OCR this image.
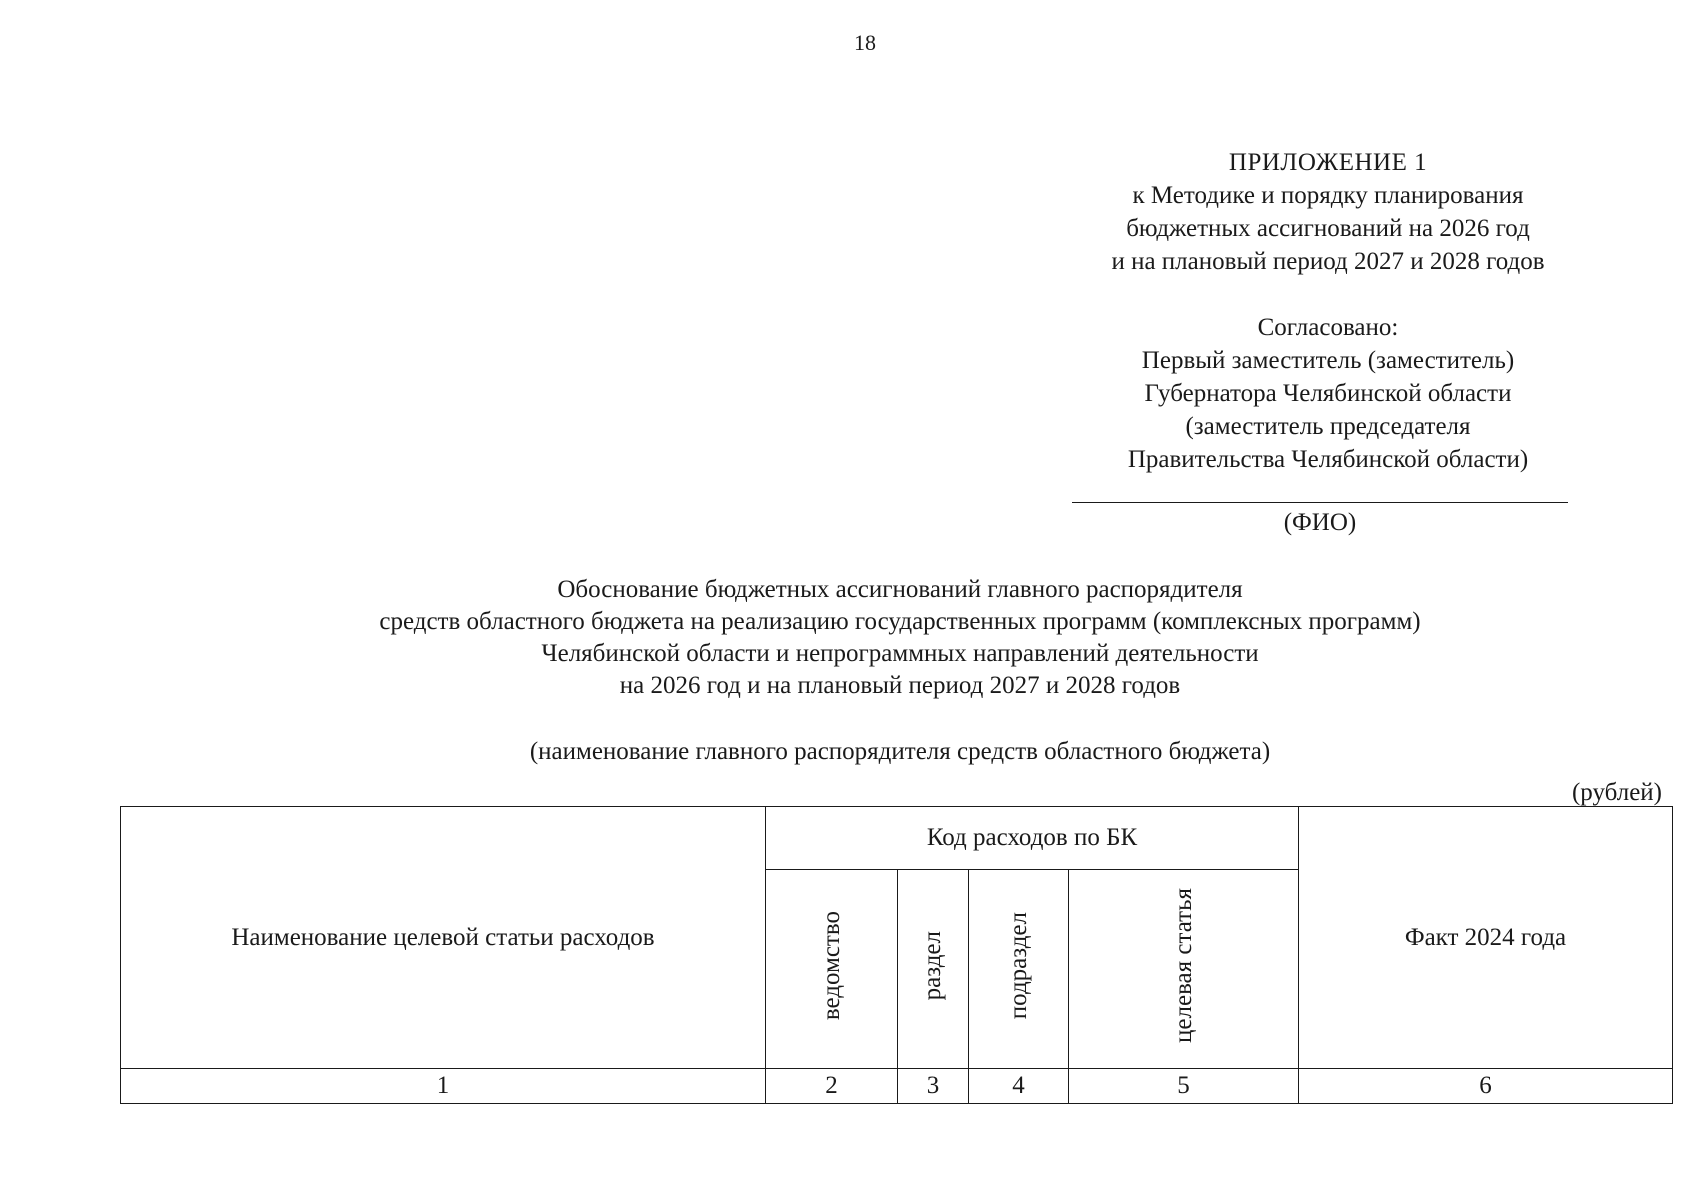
18
ПРИЛОЖЕНИЕ 1
к Методике и порядку планирования
бюджетных ассигнований на 2026 год
и на плановый период 2027 и 2028 годов
Согласовано:
Первый заместитель (заместитель)
Губернатора Челябинской области
(заместитель председателя
Правительства Челябинской области)
(ФИО)
Обоснование бюджетных ассигнований главного распорядителя
средств областного бюджета на реализацию государственных программ (комплексных программ)
Челябинской области и непрограммных направлений деятельности
на 2026 год и на плановый период 2027 и 2028 годов
(наименование главного распорядителя средств областного бюджета)
(рублей)
Наименование целевой статьи расходов	Код расходов по БК				Факт 2024 года
	ведомство	раздел	подраздел	целевая статья	
1	2	3	4	5	6
